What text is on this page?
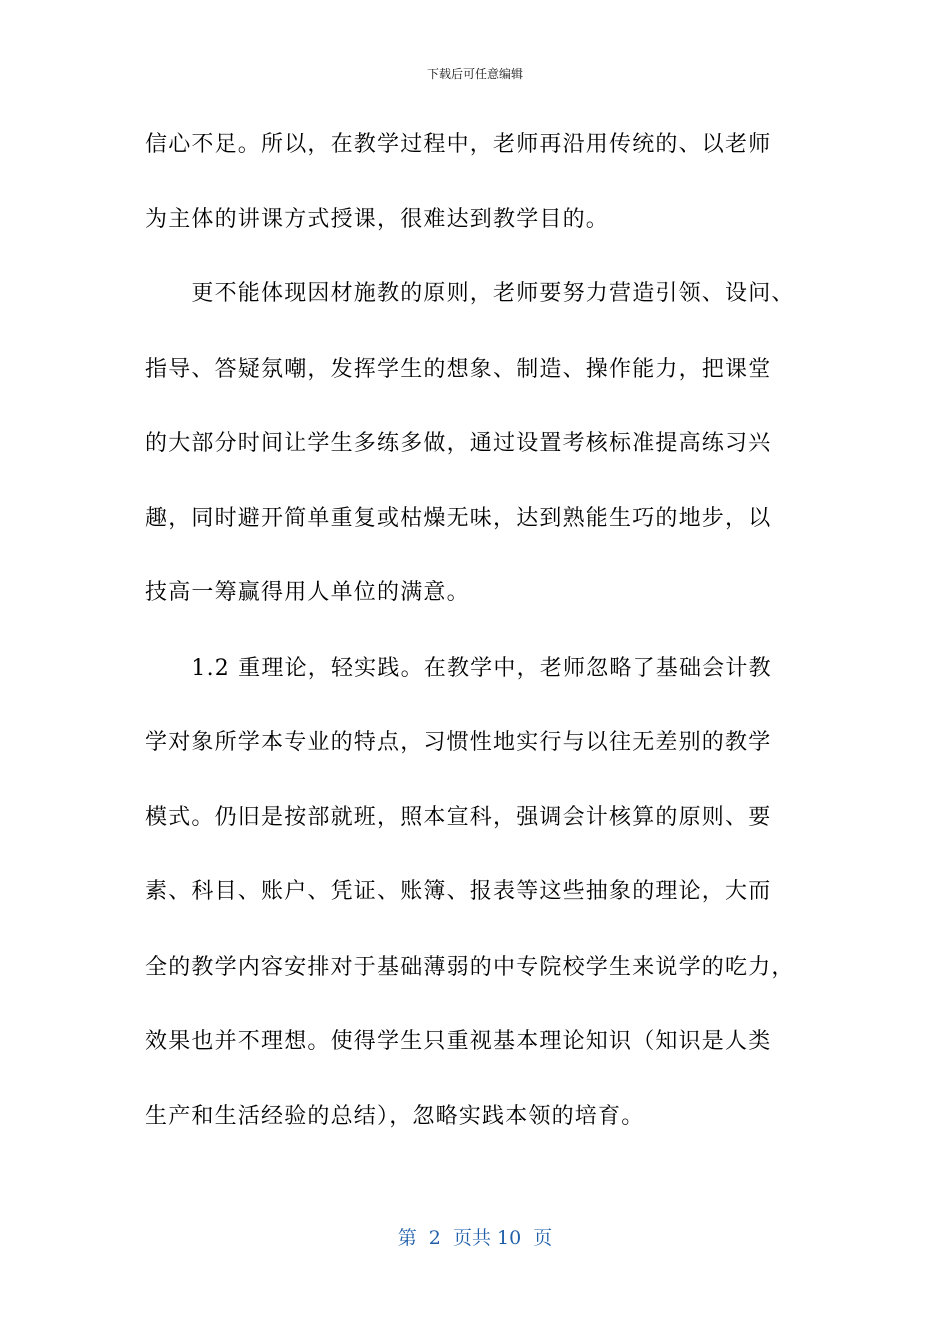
下载后可任意编辑
信心不足。所以，在教学过程中，老师再沿用传统的、以老师
为主体的讲课方式授课，很难达到教学目的。
　　更不能体现因材施教的原则，老师要努力营造引领、设问、
指导、答疑氛嘲，发挥学生的想象、制造、操作能力，把课堂
的大部分时间让学生多练多做，通过设置考核标准提高练习兴
趣，同时避开简单重复或枯燥无味，达到熟能生巧的地步，以
技高一筹赢得用人单位的满意。
　　1.2 重理论，轻实践。在教学中，老师忽略了基础会计教
学对象所学本专业的特点，习惯性地实行与以往无差别的教学
模式。仍旧是按部就班，照本宣科，强调会计核算的原则、要
素、科目、账户、凭证、账簿、报表等这些抽象的理论，大而
全的教学内容安排对于基础薄弱的中专院校学生来说学的吃力，
效果也并不理想。使得学生只重视基本理论知识（知识是人类
生产和生活经验的总结），忽略实践本领的培育。
第  2  页共 10  页
